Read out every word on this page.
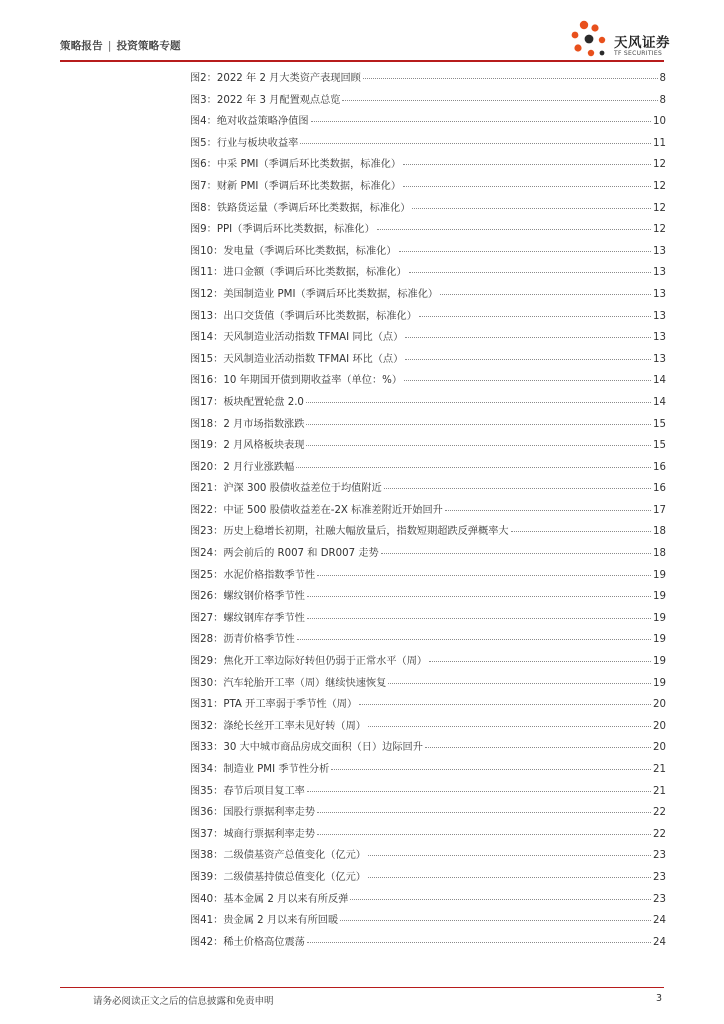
策略报告 | 投资策略专题	天风证券
TF SECURITIES
图2： 2022 年 2 月大类资产表现回顾	8
图3： 2022 年 3 月配置观点总览	8
图4： 绝对收益策略净值图	10
图5： 行业与板块收益率	11
图6： 中采 PMI（季调后环比类数据，标准化）	12
图7： 财新 PMI（季调后环比类数据，标准化）	12
图8： 铁路货运量（季调后环比类数据，标准化）	12
图9： PPI（季调后环比类数据，标准化）	12
图10： 发电量（季调后环比类数据，标准化）	13
图11： 进口金额（季调后环比类数据，标准化）	13
图12： 美国制造业 PMI（季调后环比类数据，标准化）	13
图13： 出口交货值（季调后环比类数据，标准化）	13
图14： 天风制造业活动指数 TFMAI 同比（点）	13
图15： 天风制造业活动指数 TFMAI 环比（点）	13
图16： 10 年期国开债到期收益率（单位：%）	14
图17： 板块配置轮盘 2.0	14
图18： 2 月市场指数涨跌	15
图19： 2 月风格板块表现	15
图20： 2 月行业涨跌幅	16
图21： 沪深 300 股债收益差位于均值附近	16
图22： 中证 500 股债收益差在-2X 标准差附近开始回升	17
图23： 历史上稳增长初期，社融大幅放量后，指数短期超跌反弹概率大	18
图24： 两会前后的 R007 和 DR007 走势	18
图25： 水泥价格指数季节性	19
图26： 螺纹钢价格季节性	19
图27： 螺纹钢库存季节性	19
图28： 沥青价格季节性	19
图29： 焦化开工率边际好转但仍弱于正常水平（周）	19
图30： 汽车轮胎开工率（周）继续快速恢复	19
图31： PTA 开工率弱于季节性（周）	20
图32： 涤纶长丝开工率未见好转（周）	20
图33： 30 大中城市商品房成交面积（日）边际回升	20
图34： 制造业 PMI 季节性分析	21
图35： 春节后项目复工率	21
图36： 国股行票据利率走势	22
图37： 城商行票据利率走势	22
图38： 二级债基资产总值变化（亿元）	23
图39： 二级债基持债总值变化（亿元）	23
图40： 基本金属 2 月以来有所反弹	23
图41： 贵金属 2 月以来有所回暖	24
图42： 稀土价格高位震荡	24
请务必阅读正文之后的信息披露和免责申明	3
